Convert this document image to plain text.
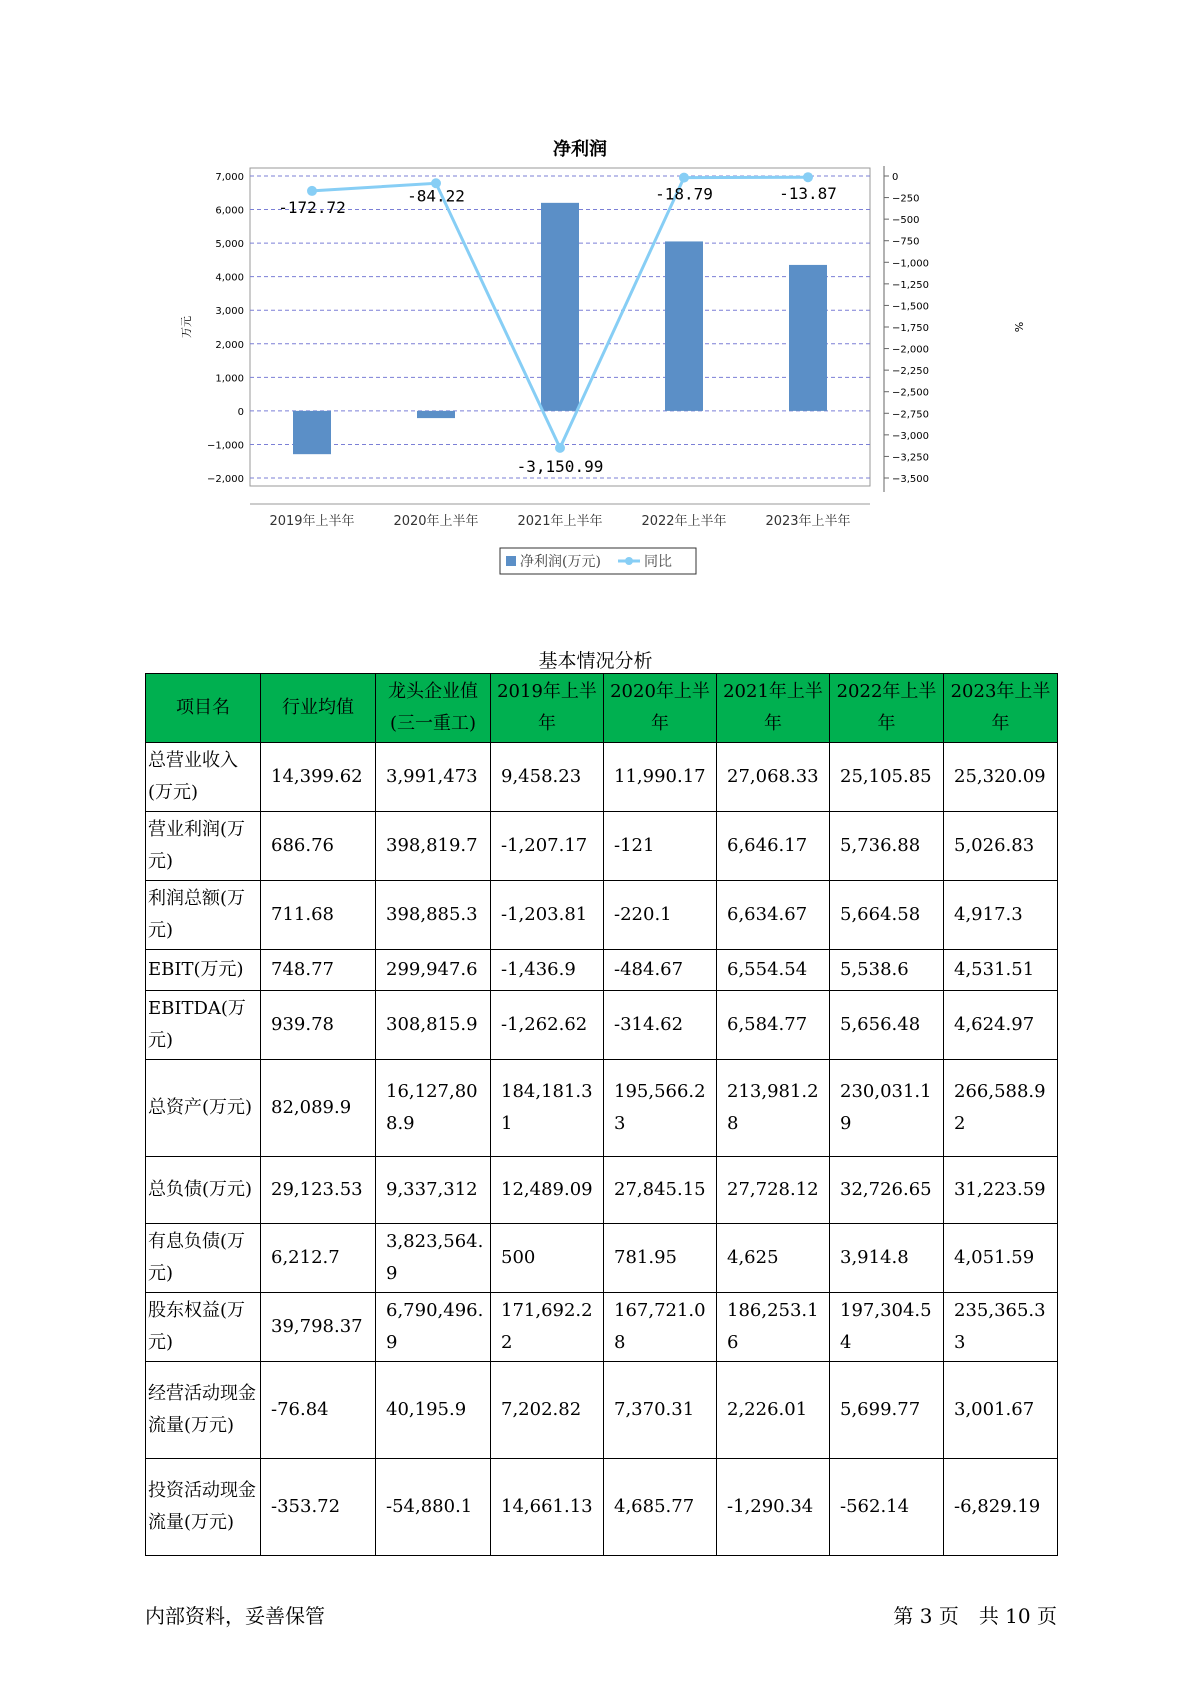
净利润
7,000
6,000
5,000
4,000
3,000
2,000
1,000
0
−1,000
−2,000
万元
0
−250
−500
−750
−1,000
−1,250
−1,500
−1,750
−2,000
−2,250
−2,500
−2,750
−3,000
−3,250
−3,500
%
2019年上半年	2020年上半年	2021年上半年	2022年上半年	2023年上半年
-172.72
-84.22
-3,150.99
-18.79	-13.87
净利润(万元)	同比
基本情况分析
项目名	行业均值	龙头企业值(三一重工)	2019年上半年	2020年上半年	2021年上半年	2022年上半年	2023年上半年
总营业收入(万元)	14,399.62	3,991,473	9,458.23	11,990.17	27,068.33	25,105.85	25,320.09
营业利润(万元)	686.76	398,819.7	-1,207.17	-121	6,646.17	5,736.88	5,026.83
利润总额(万元)	711.68	398,885.3	-1,203.81	-220.1	6,634.67	5,664.58	4,917.3
EBIT(万元)	748.77	299,947.6	-1,436.9	-484.67	6,554.54	5,538.6	4,531.51
EBITDA(万元)	939.78	308,815.9	-1,262.62	-314.62	6,584.77	5,656.48	4,624.97
总资产(万元)	82,089.9	16,127,808.9	184,181.31	195,566.23	213,981.28	230,031.19	266,588.92
总负债(万元)	29,123.53	9,337,312	12,489.09	27,845.15	27,728.12	32,726.65	31,223.59
有息负债(万元)	6,212.7	3,823,564.9	500	781.95	4,625	3,914.8	4,051.59
股东权益(万元)	39,798.37	6,790,496.9	171,692.22	167,721.08	186,253.16	197,304.54	235,365.33
经营活动现金流量(万元)	-76.84	40,195.9	7,202.82	7,370.31	2,226.01	5,699.77	3,001.67
投资活动现金流量(万元)	-353.72	-54,880.1	14,661.13	4,685.77	-1,290.34	-562.14	-6,829.19
内部资料，妥善保管	第 3 页　共 10 页
